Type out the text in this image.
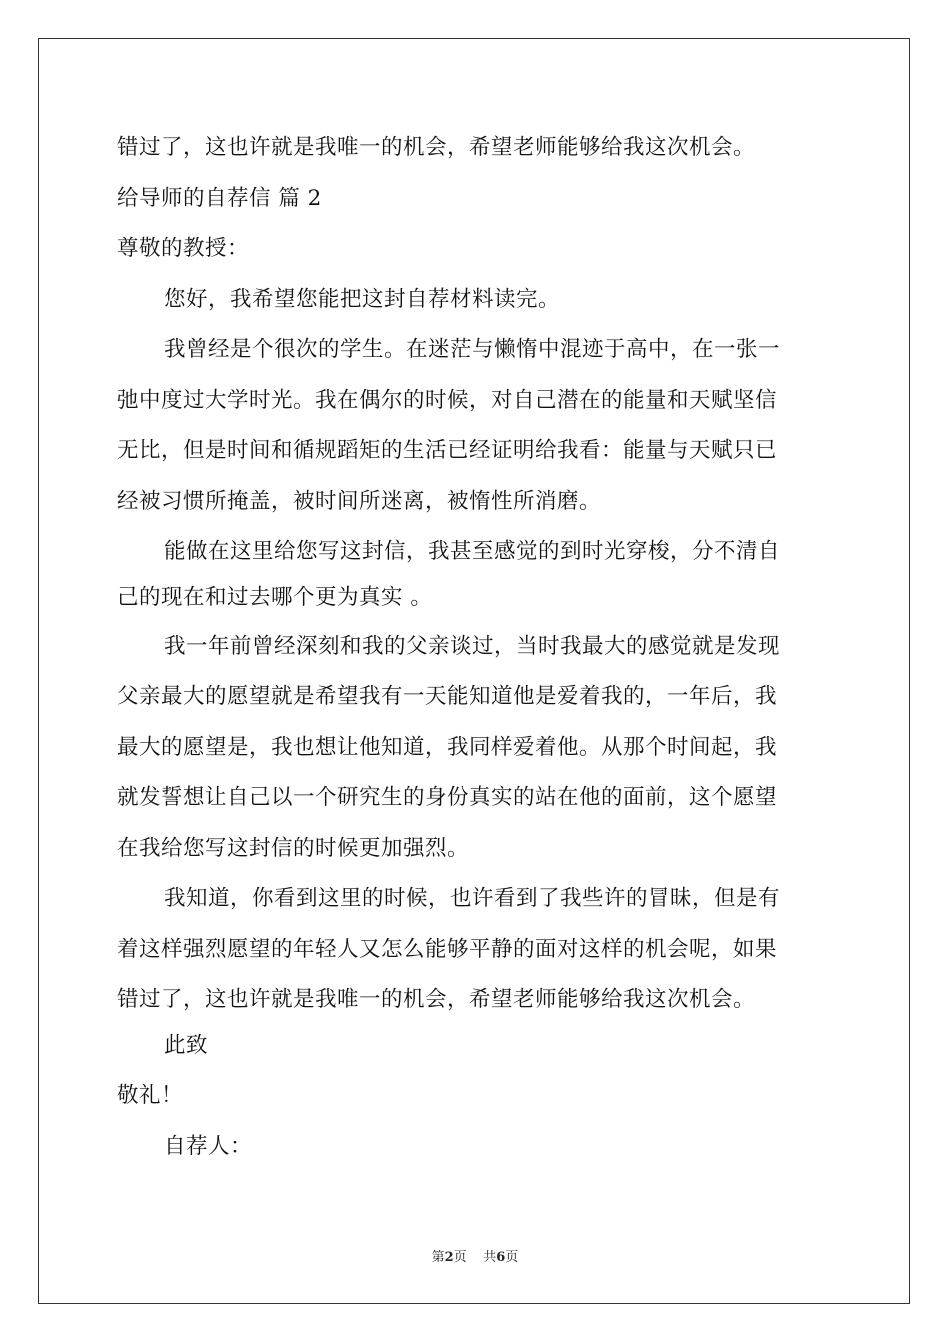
错过了，这也许就是我唯一的机会，希望老师能够给我这次机会。
给导师的自荐信 篇 2
尊敬的教授：
您好，我希望您能把这封自荐材料读完。
我曾经是个很次的学生。在迷茫与懒惰中混迹于高中，在一张一
弛中度过大学时光。我在偶尔的时候，对自己潜在的能量和天赋坚信
无比，但是时间和循规蹈矩的生活已经证明给我看：能量与天赋只已
经被习惯所掩盖，被时间所迷离，被惰性所消磨。
能做在这里给您写这封信，我甚至感觉的到时光穿梭，分不清自
己的现在和过去哪个更为真实 。
我一年前曾经深刻和我的父亲谈过，当时我最大的感觉就是发现
父亲最大的愿望就是希望我有一天能知道他是爱着我的，一年后，我
最大的愿望是，我也想让他知道，我同样爱着他。从那个时间起，我
就发誓想让自己以一个研究生的身份真实的站在他的面前，这个愿望
在我给您写这封信的时候更加强烈。
我知道，你看到这里的时候，也许看到了我些许的冒昧，但是有
着这样强烈愿望的年轻人又怎么能够平静的面对这样的机会呢，如果
错过了，这也许就是我唯一的机会，希望老师能够给我这次机会。
此致
敬礼！
自荐人：
第2页 共6页
